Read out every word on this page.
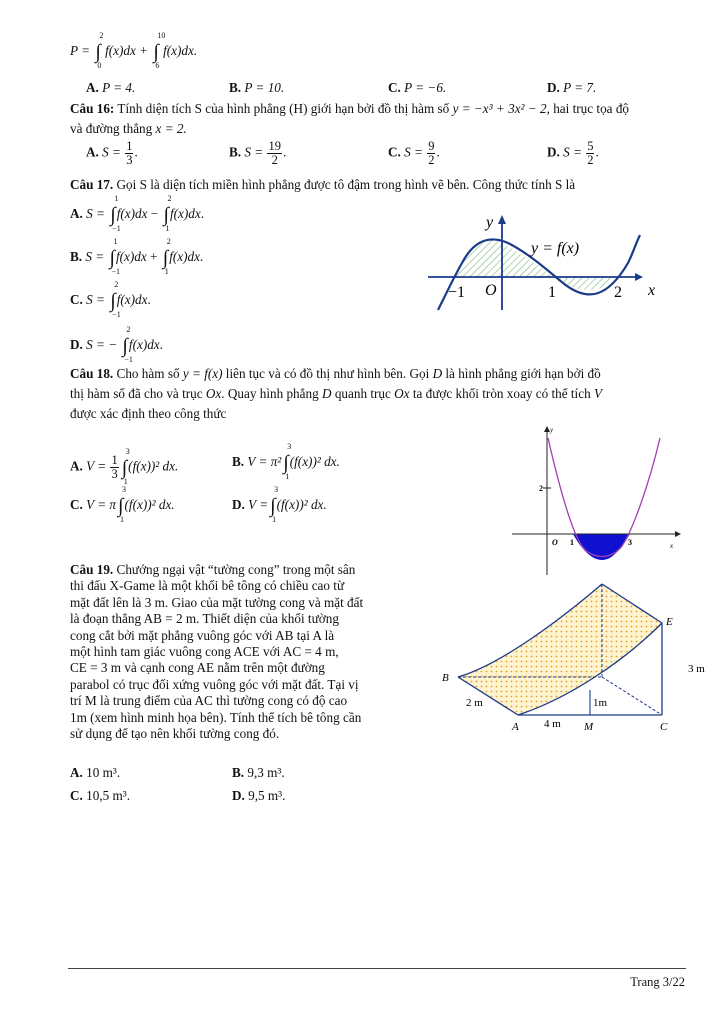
P = ∫
2
0
f(x)dx + ∫
10
6
f(x)dx.
A. P = 4.	B. P = 10.	C. P = −6.	D. P = 7.
Câu 16: Tính diện tích S của hình phẳng (H) giới hạn bởi đồ thị hàm số y = −x³ + 3x² − 2, hai trục tọa độ
và đường thẳng x = 2.
A. $S = \frac{1}{3}$ .	B. $S = \frac{19}{2}$ .	C. $S = \frac{9}{2}$ .	D. $S = \frac{5}{2}$ .
Câu 17. Gọi S là diện tích miền hình phẳng được tô đậm trong hình vẽ bên. Công thức tính S là
A. S = ∫
1
−1
f(x)dx − ∫
2
1
f(x)dx.
B. S = ∫
1
−1
f(x)dx + ∫
2
1
f(x)dx.
C. S = ∫
2
−1
f(x)dx.
D. S = − ∫
2
−1
f(x)dx.
y
x
O
−1	1	2
y = f(x)
Câu 18. Cho hàm số y = f(x) liên tục và có đồ thị như hình bên. Gọi D là hình phẳng giới hạn bởi đồ
thị hàm số đã cho và trục Ox. Quay hình phẳng D quanh trục Ox ta được khối tròn xoay có thể tích V
được xác định theo công thức
A. $V = \frac{1}{3}$ ∫
3
1
(f(x))² dx.	B. V = π² ∫
3
1
(f(x))² dx.
C. V = π ∫
3
1
(f(x))² dx.	D. V = ∫
3
1
(f(x))² dx.
y
x
O 1	3
2
Câu 19. Chướng ngại vật “tường cong” trong một sân
thi đấu X-Game là một khối bê tông có chiều cao từ
mặt đất lên là 3 m. Giao của mặt tường cong và mặt đất
là đoạn thẳng AB = 2 m. Thiết diện của khối tường
cong cắt bởi mặt phẳng vuông góc với AB tại A là
một hình tam giác vuông cong ACE với AC = 4 m,
CE = 3 m và cạnh cong AE nằm trên một đường
parabol có trục đối xứng vuông góc với mặt đất. Tại vị
trí M là trung điểm của AC thì tường cong có độ cao
1m (xem hình minh họa bên). Tính thể tích bê tông cần
sử dụng để tạo nên khối tường cong đó.
A. 10 m³.	B. 9,3 m³.
C. 10,5 m³.	D. 9,5 m³.
B
A	M	C
E
2 m
4 m
1m
3 m
Trang 3/22
